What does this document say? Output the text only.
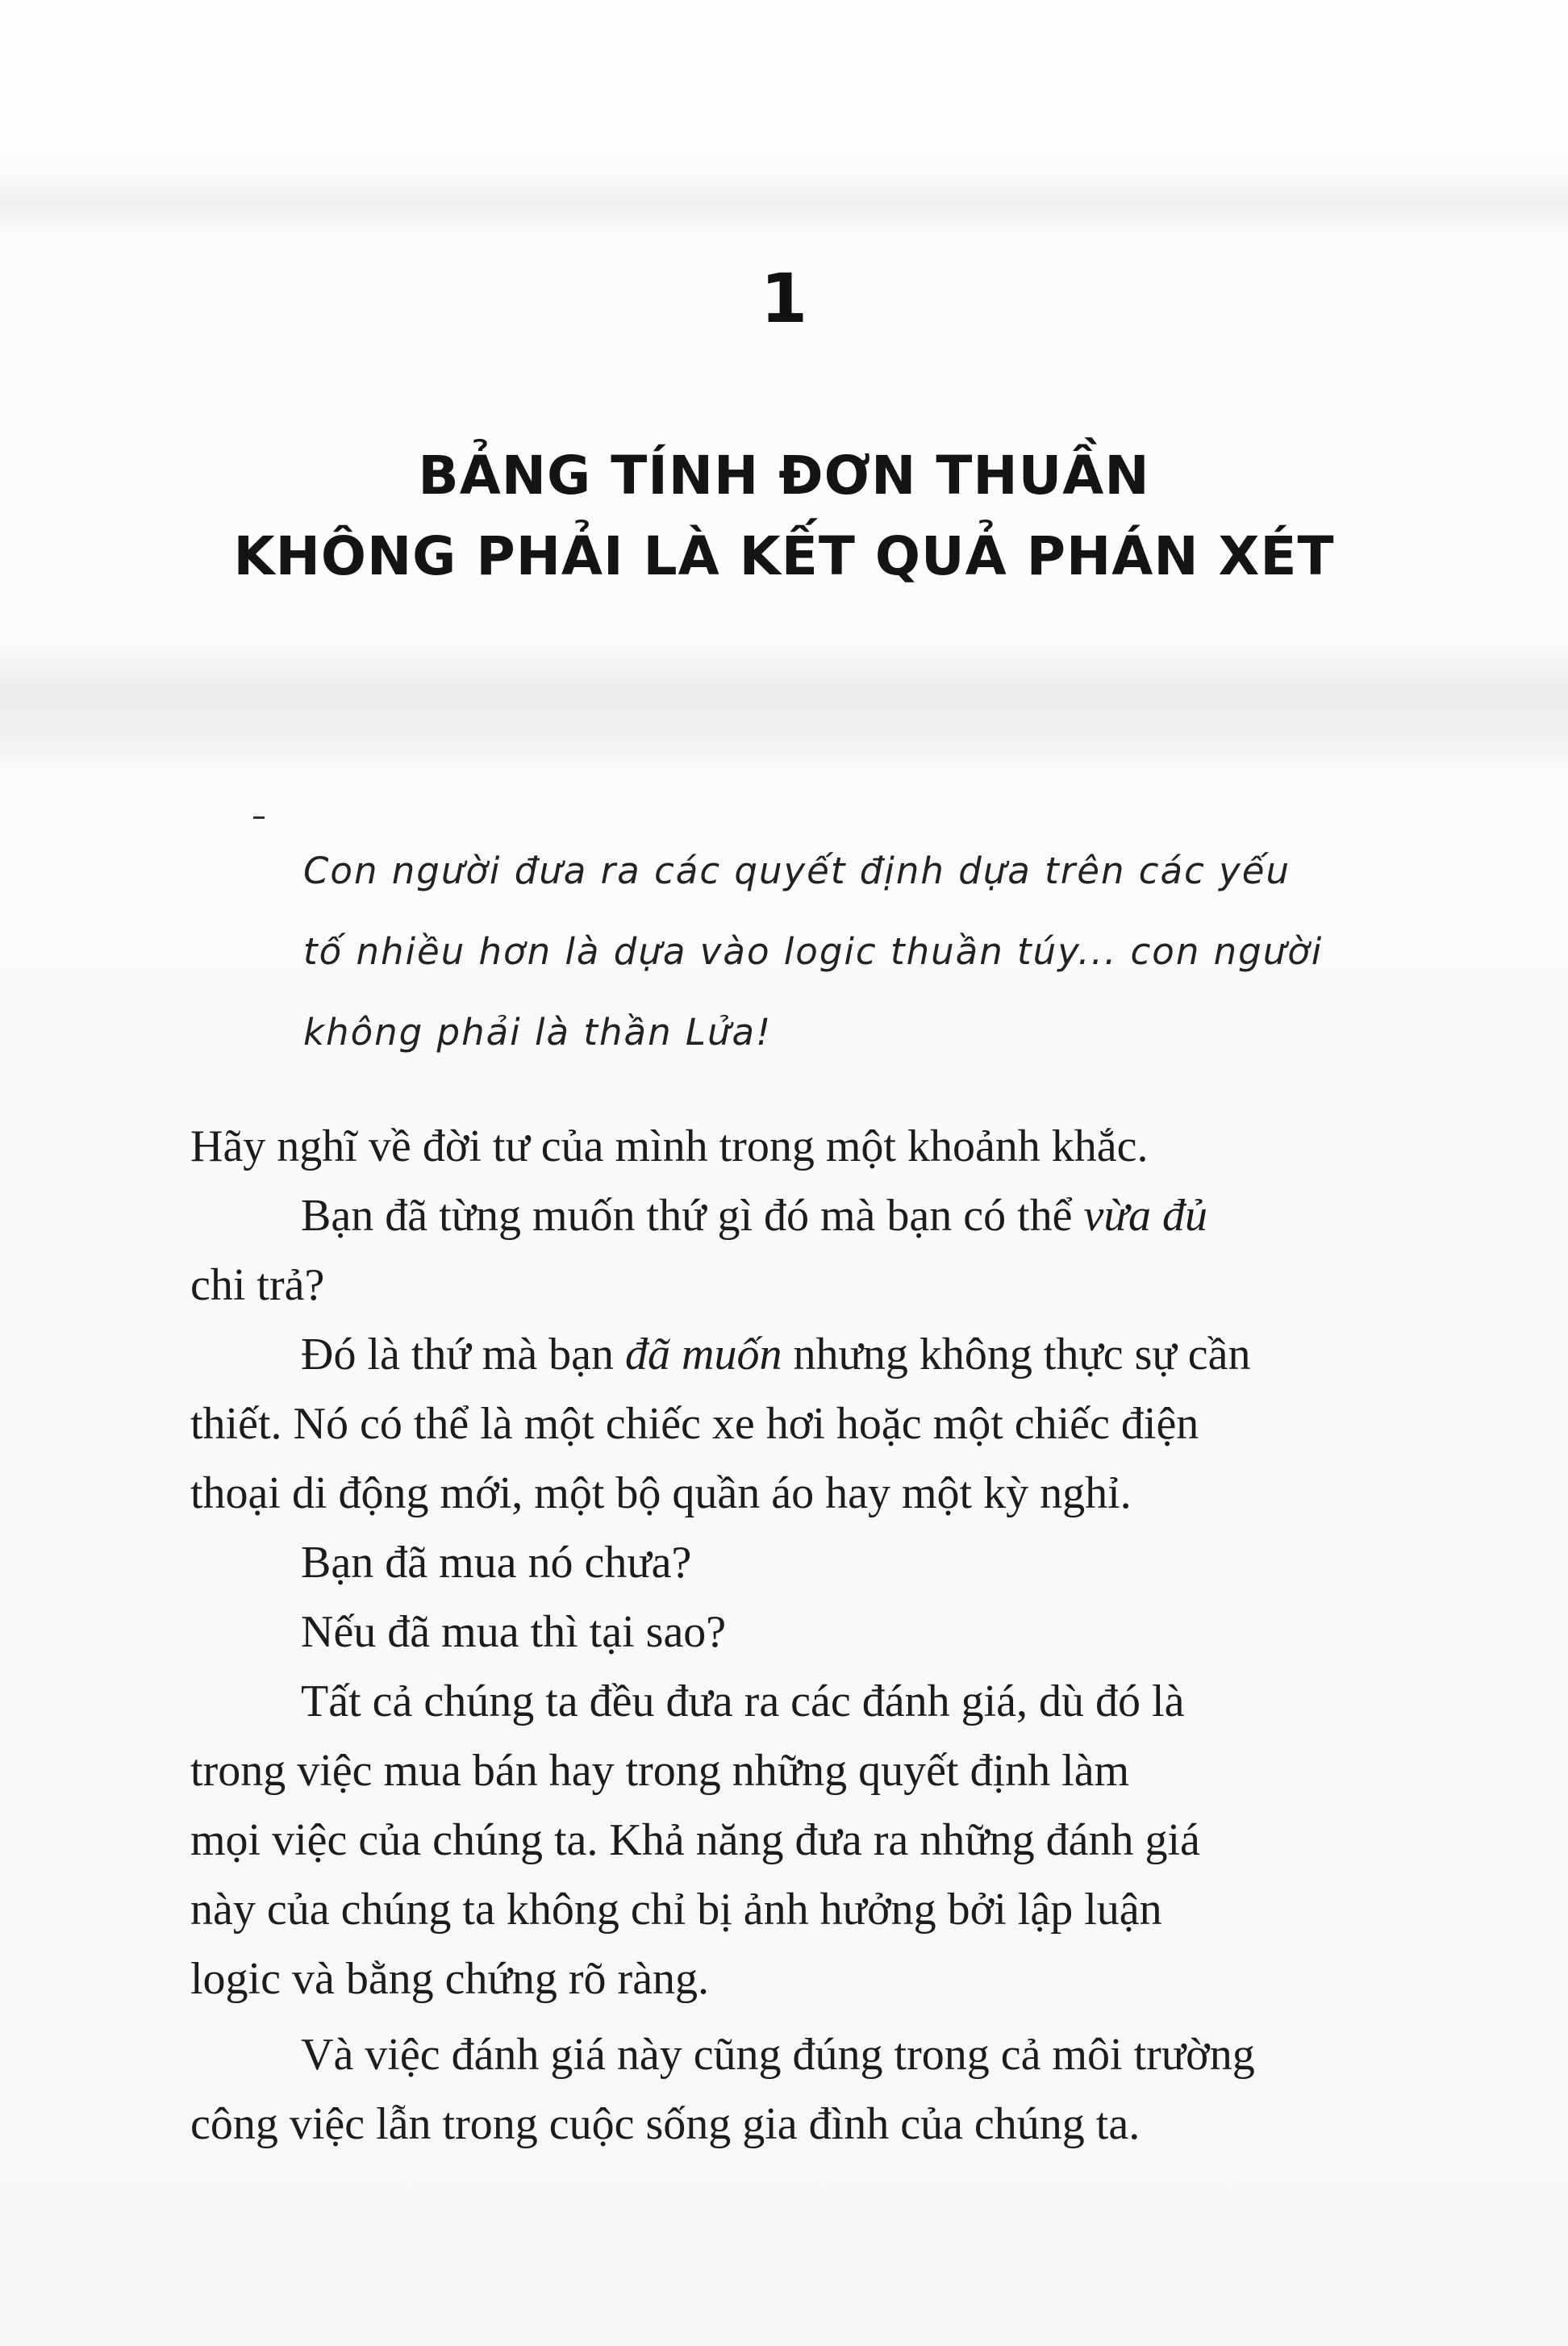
1
BẢNG TÍNH ĐƠN THUẦN
KHÔNG PHẢI LÀ KẾT QUẢ PHÁN XÉT
Con người đưa ra các quyết định dựa trên các yếu
tố nhiều hơn là dựa vào logic thuần túy... con người
không phải là thần Lửa!
Hãy nghĩ về đời tư của mình trong một khoảnh khắc.
Bạn đã từng muốn thứ gì đó mà bạn có thể vừa đủ
chi trả?
Đó là thứ mà bạn đã muốn nhưng không thực sự cần
thiết. Nó có thể là một chiếc xe hơi hoặc một chiếc điện
thoại di động mới, một bộ quần áo hay một kỳ nghỉ.
Bạn đã mua nó chưa?
Nếu đã mua thì tại sao?
Tất cả chúng ta đều đưa ra các đánh giá, dù đó là
trong việc mua bán hay trong những quyết định làm
mọi việc của chúng ta. Khả năng đưa ra những đánh giá
này của chúng ta không chỉ bị ảnh hưởng bởi lập luận
logic và bằng chứng rõ ràng.
Và việc đánh giá này cũng đúng trong cả môi trường
công việc lẫn trong cuộc sống gia đình của chúng ta.
